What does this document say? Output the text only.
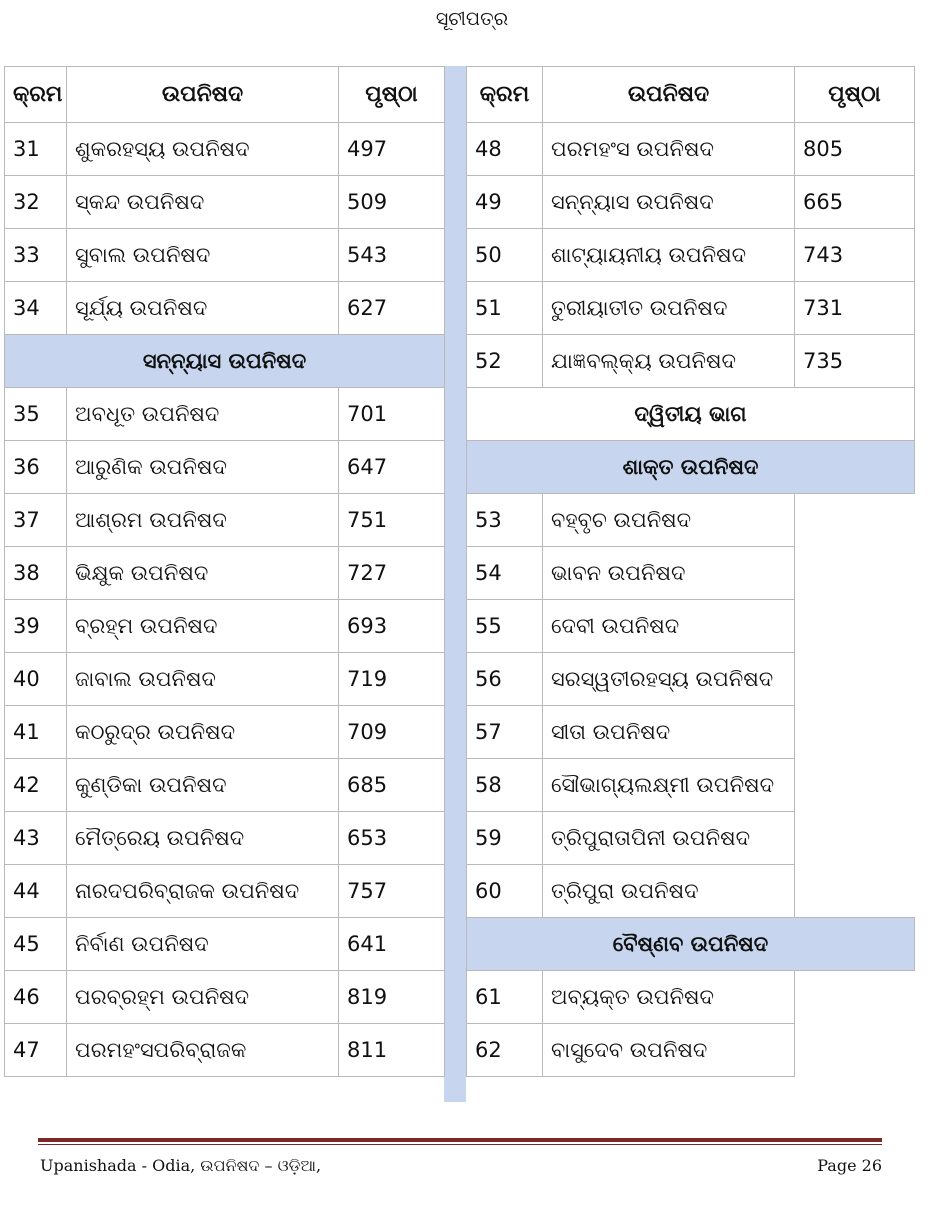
ସୂଚୀପତ୍ର
କ୍ରମ	ଉପନିଷଦ	ପୃଷ୍ଠା
31	ଶୁକରହସ୍ୟ ଉପନିଷଦ	497
32	ସ୍କନ୍ଦ ଉପନିଷଦ	509
33	ସୁବାଲ ଉପନିଷଦ	543
34	ସୂର୍ଯ୍ୟ ଉପନିଷଦ	627
ସନ୍ନ୍ୟାସ ଉପନିଷଦ		
35	ଅବଧୂତ ଉପନିଷଦ	701
36	ଆରୁଣିକ ଉପନିଷଦ	647
37	ଆଶ୍ରମ ଉପନିଷଦ	751
38	ଭିକ୍ଷୁକ ଉପନିଷଦ	727
39	ବ୍ରହ୍ମ ଉପନିଷଦ	693
40	ଜାବାଲ ଉପନିଷଦ	719
41	କଠରୁଦ୍ର ଉପନିଷଦ	709
42	କୁଣ୍ଡିକା ଉପନିଷଦ	685
43	ମୈତ୍ରେୟ ଉପନିଷଦ	653
44	ନାରଦପରିବ୍ରାଜକ ଉପନିଷଦ	757
45	ନିର୍ବାଣ ଉପନିଷଦ	641
46	ପରବ୍ରହ୍ମ ଉପନିଷଦ	819
47	ପରମହଂସପରିବ୍ରାଜକ	811
କ୍ରମ	ଉପନିଷଦ	ପୃଷ୍ଠା
48	ପରମହଂସ ଉପନିଷଦ	805
49	ସନ୍ନ୍ୟାସ ଉପନିଷଦ	665
50	ଶାଟ୍ୟାୟନୀୟ ଉପନିଷଦ	743
51	ତୁରୀୟାତୀତ ଉପନିଷଦ	731
52	ଯାଜ୍ଞବଲ୍କ୍ୟ ଉପନିଷଦ	735
ଦ୍ୱିତୀୟ ଭାଗ		
ଶାକ୍ତ ଉପନିଷଦ		
53	ବହ୍ବୃଚ ଉପନିଷଦ	
54	ଭାବନ ଉପନିଷଦ	
55	ଦେବୀ ଉପନିଷଦ	
56	ସରସ୍ୱତୀରହସ୍ୟ ଉପନିଷଦ	
57	ସୀତା ଉପନିଷଦ	
58	ସୌଭାଗ୍ୟଲକ୍ଷ୍ମୀ ଉପନିଷଦ	
59	ତ୍ରିପୁରାତାପିନୀ ଉପନିଷଦ	
60	ତ୍ରିପୁରା ଉପନିଷଦ	
ବୈଷ୍ଣବ ଉପନିଷଦ		
61	ଅବ୍ୟକ୍ତ ଉପନିଷଦ	
62	ବାସୁଦେବ ଉପନିଷଦ	
Upanishada - Odia, ଉପନିଷଦ – ଓଡ଼ିଆ,	Page 26
